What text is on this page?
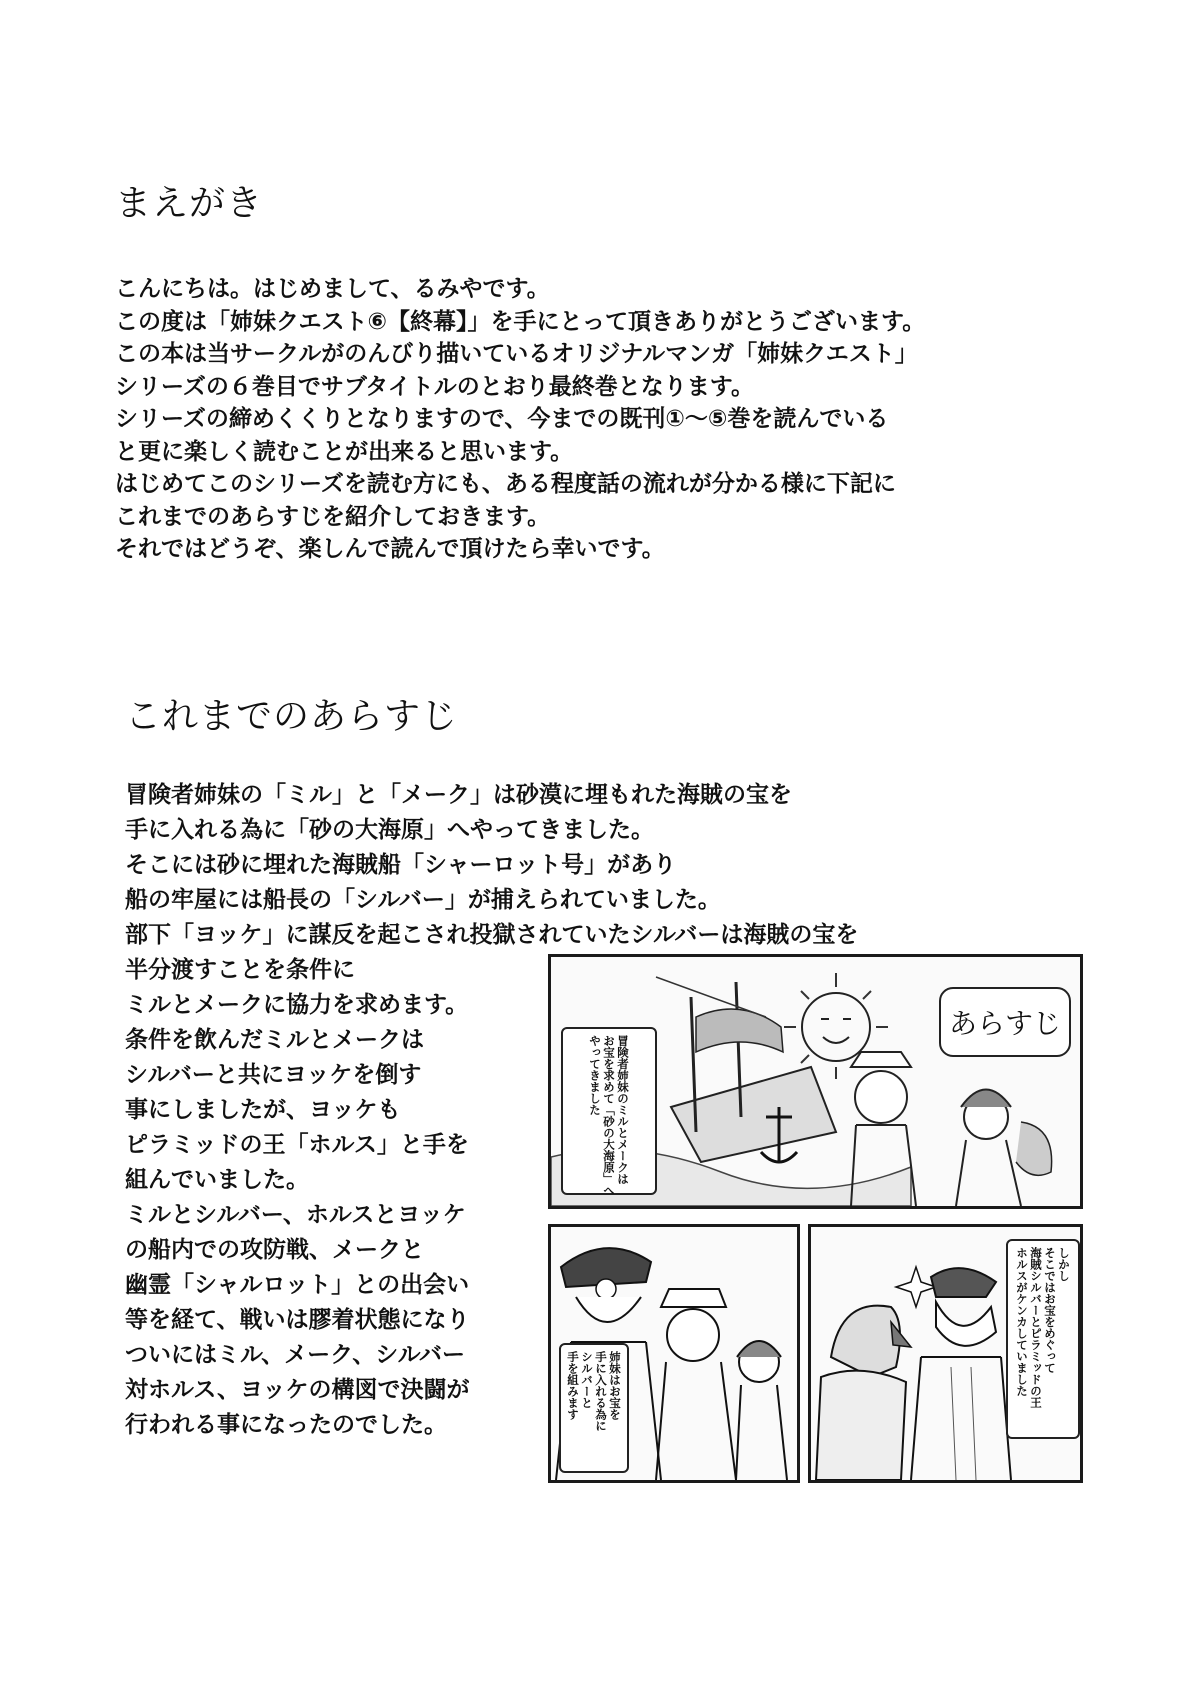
まえがき
こんにちは。はじめまして、るみやです。
この度は「姉妹クエスト⑥【終幕】」を手にとって頂きありがとうございます。
この本は当サークルがのんびり描いているオリジナルマンガ「姉妹クエスト」
シリーズの６巻目でサブタイトルのとおり最終巻となります。
シリーズの締めくくりとなりますので、今までの既刊①～⑤巻を読んでいる
と更に楽しく読むことが出来ると思います。
はじめてこのシリーズを読む方にも、ある程度話の流れが分かる様に下記に
これまでのあらすじを紹介しておきます。
それではどうぞ、楽しんで読んで頂けたら幸いです。
これまでのあらすじ
冒険者姉妹の「ミル」と「メーク」は砂漠に埋もれた海賊の宝を
手に入れる為に「砂の大海原」へやってきました。
そこには砂に埋れた海賊船「シャーロット号」があり
船の牢屋には船長の「シルバー」が捕えられていました。
部下「ヨッケ」に謀反を起こされ投獄されていたシルバーは海賊の宝を
半分渡すことを条件に
ミルとメークに協力を求めます。
条件を飲んだミルとメークは
シルバーと共にヨッケを倒す
事にしましたが、ヨッケも
ピラミッドの王「ホルス」と手を
組んでいました。
ミルとシルバー、ホルスとヨッケ
の船内での攻防戦、メークと
幽霊「シャルロット」との出会い
等を経て、戦いは膠着状態になり
ついにはミル、メーク、シルバー
対ホルス、ヨッケの構図で決闘が
行われる事になったのでした。
あらすじ
冒険者姉妹のミルとメークは
お宝を求めて「砂の大海原」へ
やってきました
姉妹はお宝を
手に入れる為に
シルバーと
手を組みます
しかし
そこではお宝をめぐって
海賊シルバーとピラミッドの王
ホルスがケンカしていました
